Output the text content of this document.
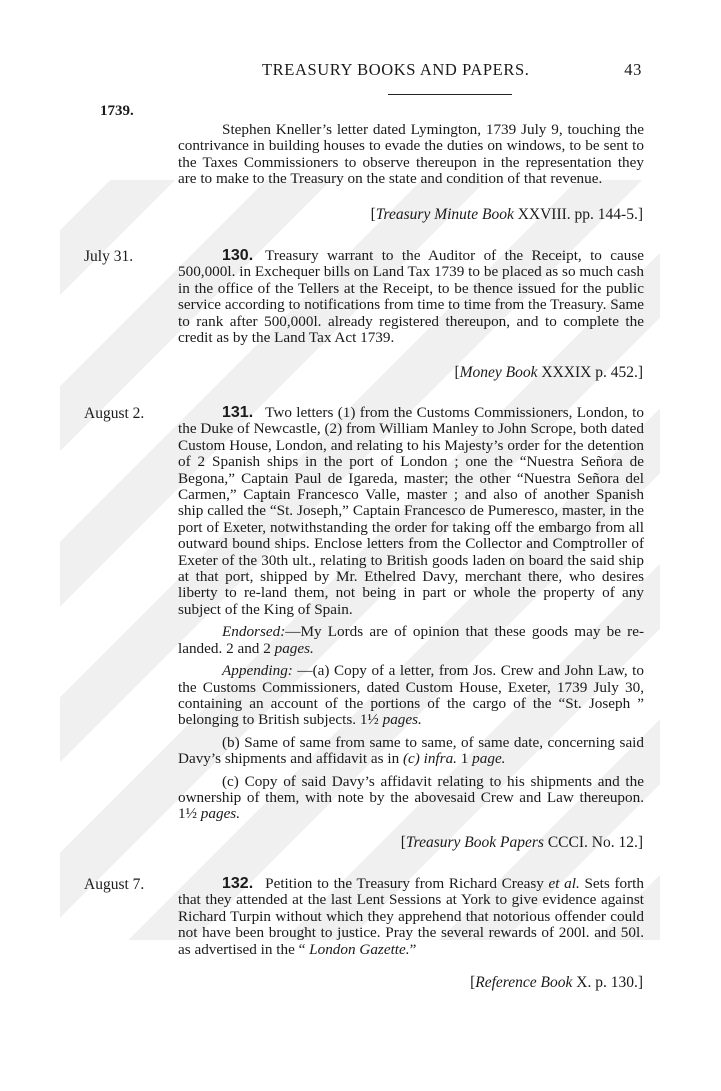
TREASURY BOOKS AND PAPERS.	43
1739.

Stephen Kneller’s letter dated Lymington, 1739 July 9, touching the contrivance in building houses to evade the duties on windows, to be sent to the Taxes Commissioners to observe thereupon in the representation they are to make to the Treasury on the state and condition of that revenue.

[Treasury Minute Book XXVIII. pp. 144-5.]
July 31.	130. Treasury warrant to the Auditor of the Receipt, to cause 500,000l. in Exchequer bills on Land Tax 1739 to be placed as so much cash in the office of the Tellers at the Receipt, to be thence issued for the public service according to notifications from time to time from the Treasury. Same to rank after 500,000l. already registered thereupon, and to complete the credit as by the Land Tax Act 1739.

[Money Book XXXIX p. 452.]
August 2.	131. Two letters (1) from the Customs Commissioners, London, to the Duke of Newcastle, (2) from William Manley to John Scrope, both dated Custom House, London, and relating to his Majesty’s order for the detention of 2 Spanish ships in the port of London ; one the “Nuestra Señora de Begona,” Captain Paul de Igareda, master; the other “Nuestra Señora del Carmen,” Captain Francesco Valle, master ; and also of another Spanish ship called the “St. Joseph,” Captain Francesco de Pumeresco, master, in the port of Exeter, notwithstanding the order for taking off the embargo from all outward bound ships. Enclose letters from the Collector and Comptroller of Exeter of the 30th ult., relating to British goods laden on board the said ship at that port, shipped by Mr. Ethelred Davy, merchant there, who desires liberty to re-land them, not being in part or whole the property of any subject of the King of Spain.

Endorsed:—My Lords are of opinion that these goods may be re-landed. 2 and 2 pages.

Appending: —(a) Copy of a letter, from Jos. Crew and John Law, to the Customs Commissioners, dated Custom House, Exeter, 1739 July 30, containing an account of the portions of the cargo of the “St. Joseph ” belonging to British subjects. 1½ pages.

(b) Same of same from same to same, of same date, concerning said Davy’s shipments and affidavit as in (c) infra. 1 page.

(c) Copy of said Davy’s affidavit relating to his shipments and the ownership of them, with note by the abovesaid Crew and Law thereupon. 1½ pages.

[Treasury Book Papers CCCI. No. 12.]
August 7.	132. Petition to the Treasury from Richard Creasy et al. Sets forth that they attended at the last Lent Sessions at York to give evidence against Richard Turpin without which they apprehend that notorious offender could not have been brought to justice. Pray the several rewards of 200l. and 50l. as advertised in the “ London Gazette.”

[Reference Book X. p. 130.]
